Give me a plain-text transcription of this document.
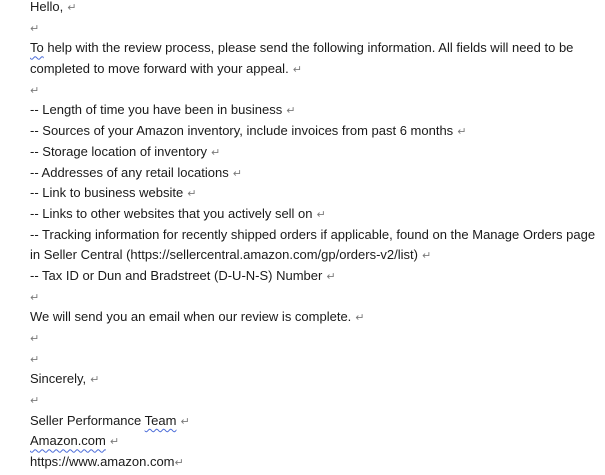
Hello, ↵
↵
To help with the review process, please send the following information. All fields will need to be
completed to move forward with your appeal. ↵
↵
-- Length of time you have been in business ↵
-- Sources of your Amazon inventory, include invoices from past 6 months ↵
-- Storage location of inventory ↵
-- Addresses of any retail locations ↵
-- Link to business website ↵
-- Links to other websites that you actively sell on ↵
-- Tracking information for recently shipped orders if applicable, found on the Manage Orders page
in Seller Central (https://sellercentral.amazon.com/gp/orders-v2/list) ↵
-- Tax ID or Dun and Bradstreet (D-U-N-S) Number ↵
↵
We will send you an email when our review is complete. ↵
↵
↵
Sincerely, ↵
↵
Seller Performance Team ↵
Amazon.com ↵
https://www.amazon.com↵
